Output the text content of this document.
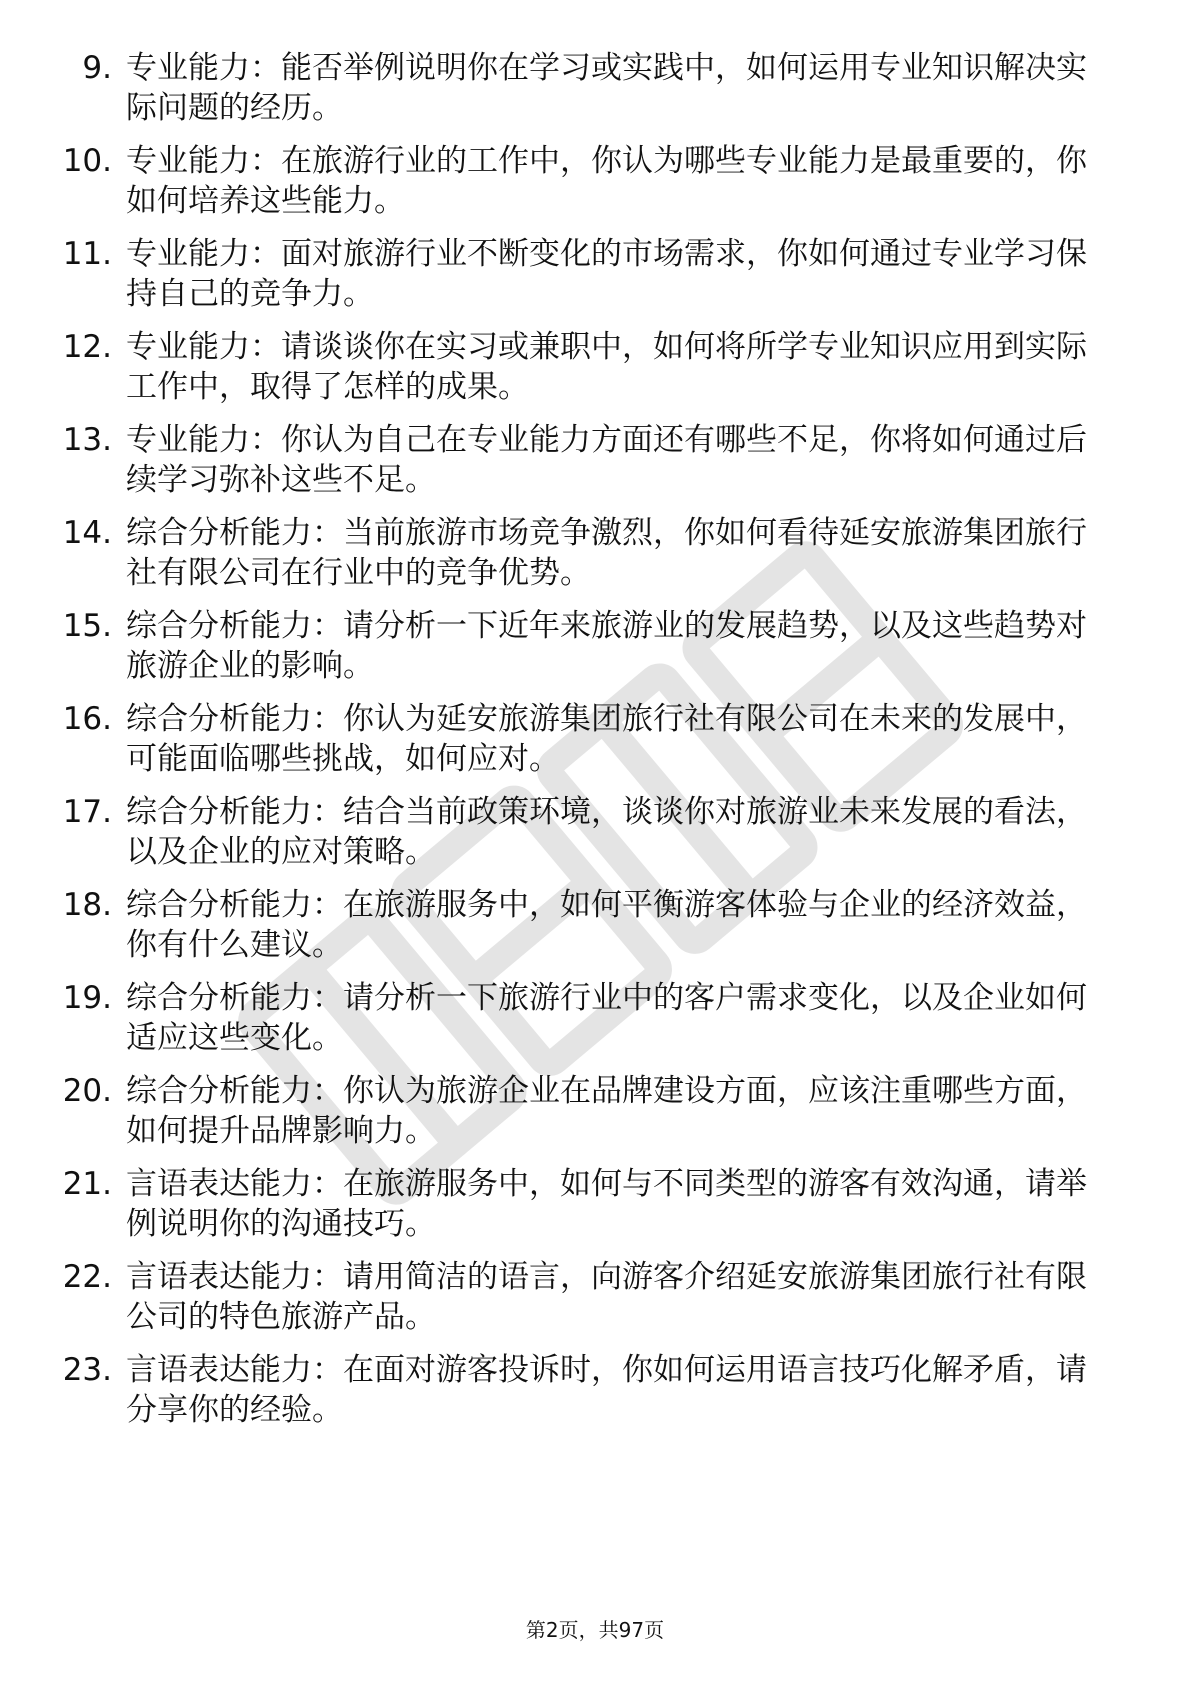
9. 专业能力：能否举例说明你在学习或实践中，如何运用专业知识解决实际问题的经历。
10. 专业能力：在旅游行业的工作中，你认为哪些专业能力是最重要的，你如何培养这些能力。
11. 专业能力：面对旅游行业不断变化的市场需求，你如何通过专业学习保持自己的竞争力。
12. 专业能力：请谈谈你在实习或兼职中，如何将所学专业知识应用到实际工作中，取得了怎样的成果。
13. 专业能力：你认为自己在专业能力方面还有哪些不足，你将如何通过后续学习弥补这些不足。
14. 综合分析能力：当前旅游市场竞争激烈，你如何看待延安旅游集团旅行社有限公司在行业中的竞争优势。
15. 综合分析能力：请分析一下近年来旅游业的发展趋势，以及这些趋势对旅游企业的影响。
16. 综合分析能力：你认为延安旅游集团旅行社有限公司在未来的发展中，可能面临哪些挑战，如何应对。
17. 综合分析能力：结合当前政策环境，谈谈你对旅游业未来发展的看法，以及企业的应对策略。
18. 综合分析能力：在旅游服务中，如何平衡游客体验与企业的经济效益，你有什么建议。
19. 综合分析能力：请分析一下旅游行业中的客户需求变化，以及企业如何适应这些变化。
20. 综合分析能力：你认为旅游企业在品牌建设方面，应该注重哪些方面，如何提升品牌影响力。
21. 言语表达能力：在旅游服务中，如何与不同类型的游客有效沟通，请举例说明你的沟通技巧。
22. 言语表达能力：请用简洁的语言，向游客介绍延安旅游集团旅行社有限公司的特色旅游产品。
23. 言语表达能力：在面对游客投诉时，你如何运用语言技巧化解矛盾，请分享你的经验。
第2页，共97页
